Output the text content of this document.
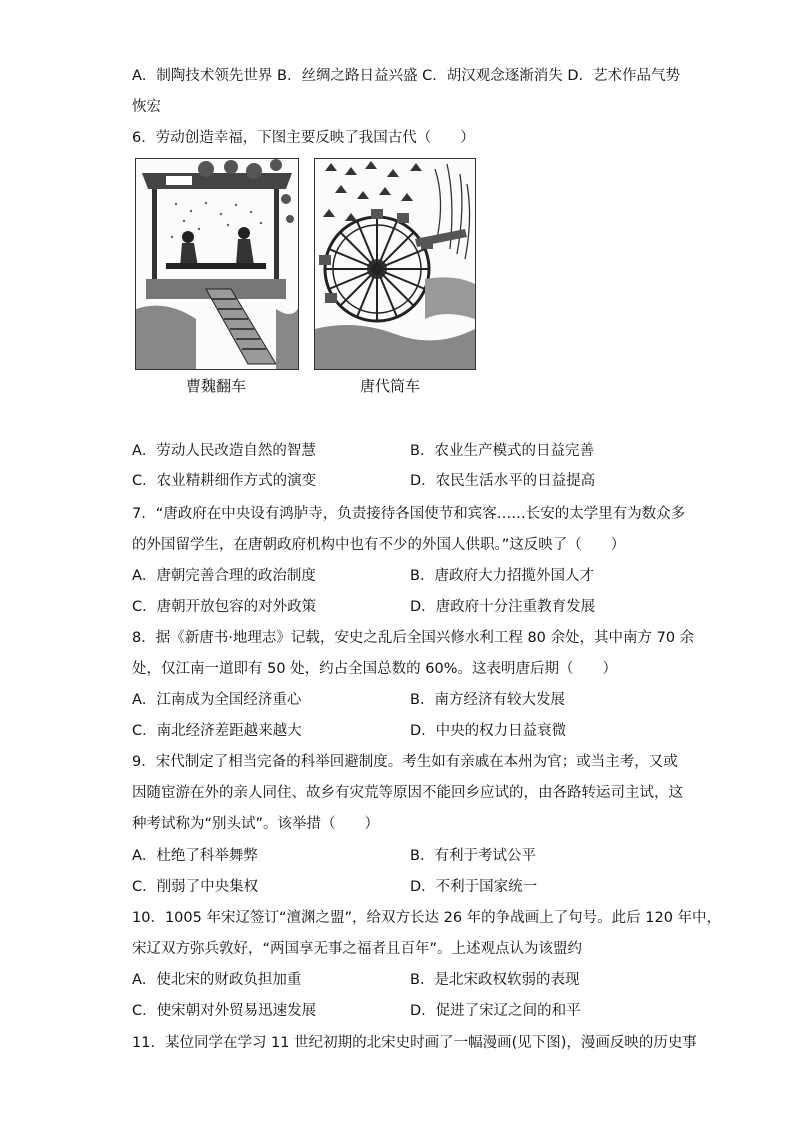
A．制陶技术领先世界 B．丝绸之路日益兴盛 C．胡汉观念逐渐消失 D．艺术作品气势
恢宏
6．劳动创造幸福，下图主要反映了我国古代（　　）
曹魏翻车	唐代筒车
A．劳动人民改造自然的智慧	B．农业生产模式的日益完善
C．农业精耕细作方式的演变	D．农民生活水平的日益提高
7．“唐政府在中央设有鸿胪寺，负责接待各国使节和宾客……长安的太学里有为数众多
的外国留学生，在唐朝政府机构中也有不少的外国人供职。”这反映了（　　）
A．唐朝完善合理的政治制度	B．唐政府大力招揽外国人才
C．唐朝开放包容的对外政策	D．唐政府十分注重教育发展
8．据《新唐书·地理志》记载，安史之乱后全国兴修水利工程 80 余处，其中南方 70 余
处，仅江南一道即有 50 处，约占全国总数的 60%。这表明唐后期（　　）
A．江南成为全国经济重心	B．南方经济有较大发展
C．南北经济差距越来越大	D．中央的权力日益衰微
9．宋代制定了相当完备的科举回避制度。考生如有亲戚在本州为官；或当主考，又或
因随宦游在外的亲人同住、故乡有灾荒等原因不能回乡应试的，由各路转运司主试，这
种考试称为“别头试”。该举措（　　）
A．杜绝了科举舞弊	B．有利于考试公平
C．削弱了中央集权	D．不利于国家统一
10．1005 年宋辽签订“澶渊之盟”，给双方长达 26 年的争战画上了句号。此后 120 年中，
宋辽双方弥兵敦好，“两国享无事之福者且百年”。上述观点认为该盟约
A．使北宋的财政负担加重	B．是北宋政权软弱的表现
C．使宋朝对外贸易迅速发展	D．促进了宋辽之间的和平
11．某位同学在学习 11 世纪初期的北宋史时画了一幅漫画(见下图)，漫画反映的历史事
